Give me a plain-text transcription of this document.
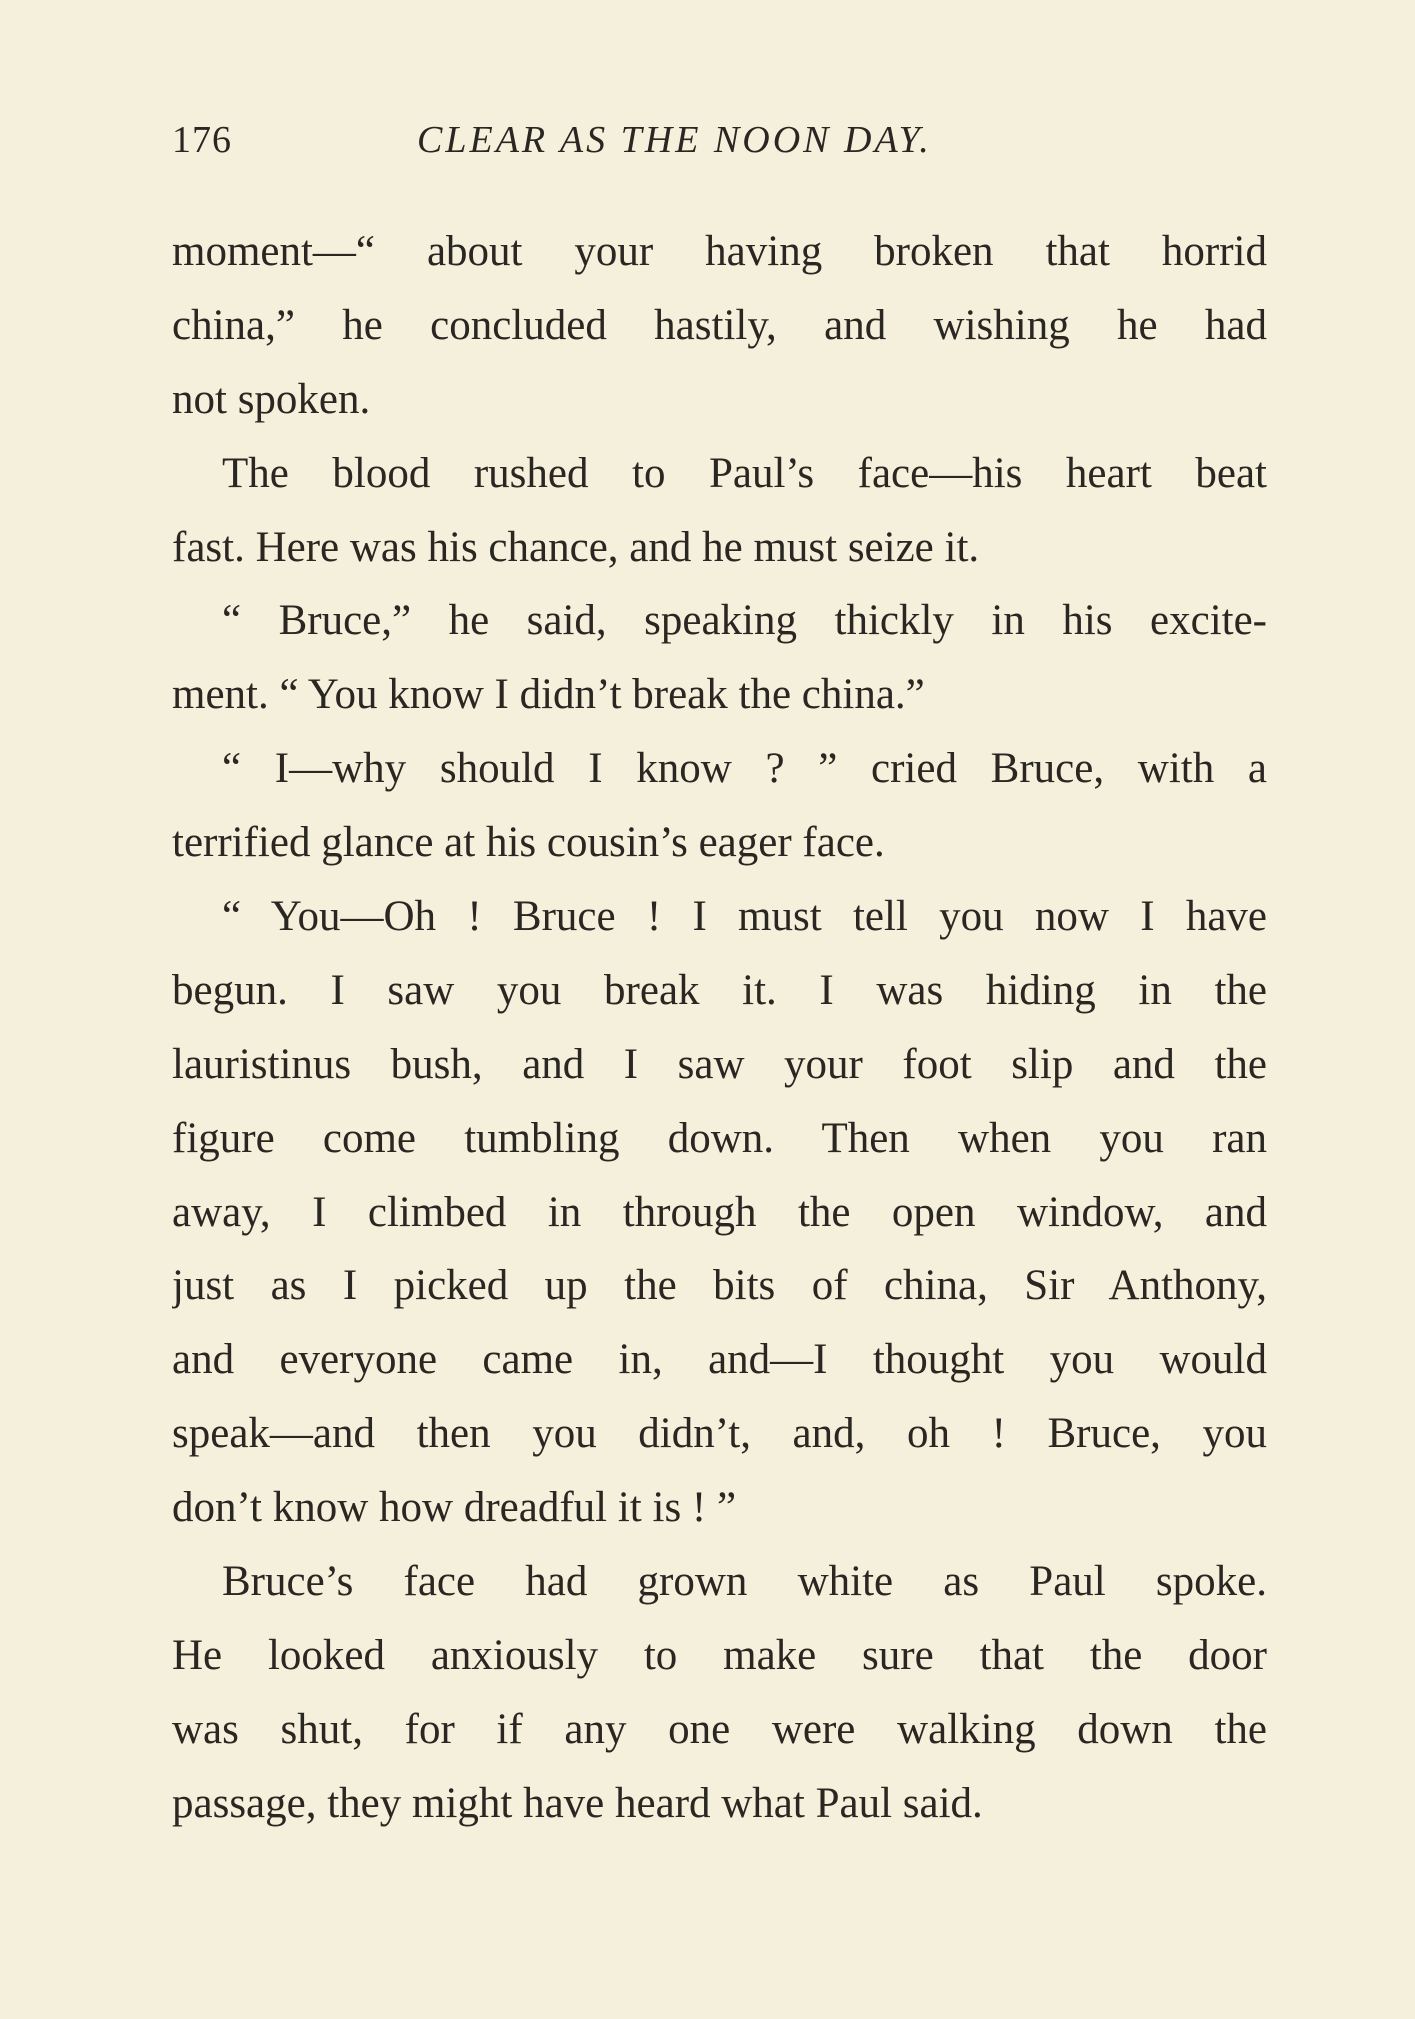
176	CLEAR AS THE NOON DAY.
moment—“ about your having broken that horrid
china,” he concluded hastily, and wishing he had
not spoken.
The blood rushed to Paul’s face—his heart beat
fast. Here was his chance, and he must seize it.
“ Bruce,” he said, speaking thickly in his excite-
ment. “ You know I didn’t break the china.”
“ I—why should I know ? ” cried Bruce, with a
terrified glance at his cousin’s eager face.
“ You—Oh ! Bruce ! I must tell you now I have
begun. I saw you break it. I was hiding in the
lauristinus bush, and I saw your foot slip and the
figure come tumbling down. Then when you ran
away, I climbed in through the open window, and
just as I picked up the bits of china, Sir Anthony,
and everyone came in, and—I thought you would
speak—and then you didn’t, and, oh ! Bruce, you
don’t know how dreadful it is ! ”
Bruce’s face had grown white as Paul spoke.
He looked anxiously to make sure that the door
was shut, for if any one were walking down the
passage, they might have heard what Paul said.
